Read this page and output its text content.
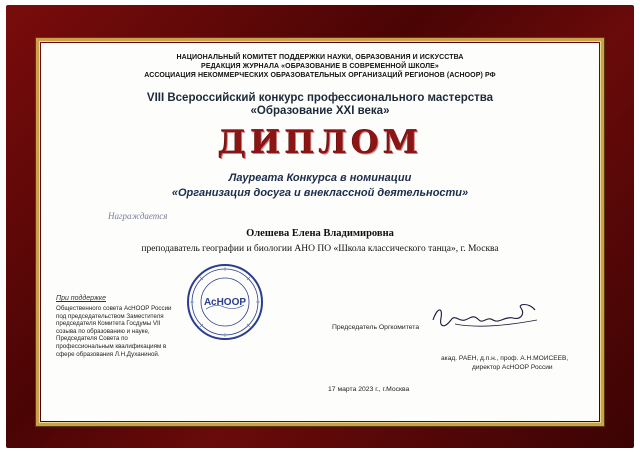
НАЦИОНАЛЬНЫЙ КОМИТЕТ ПОДДЕРЖКИ НАУКИ, ОБРАЗОВАНИЯ И ИСКУССТВА

РЕДАКЦИЯ ЖУРНАЛА «ОБРАЗОВАНИЕ В СОВРЕМЕННОЙ ШКОЛЕ»

АССОЦИАЦИЯ НЕКОММЕРЧЕСКИХ ОБРАЗОВАТЕЛЬНЫХ ОРГАНИЗАЦИЙ РЕГИОНОВ (АСНООР) РФ

VIII Всероссийский конкурс профессионального мастерства

«Образование XXI века»

ДИПЛОМ

Лауреата Конкурса в номинации

«Организация досуга и внеклассной деятельности»

Награждается

Олешева Елена Владимировна

преподаватель географии и биологии АНО ПО «Школа классического танца», г. Москва

При поддержке
Общественного совета АсНООР России
под председательством Заместителя
председателя Комитета Госдумы VII
созыва по образованию и науке,
Председателя Совета по
профессиональным квалификациям в
сфере образования Л.Н.Духаниной.

Председатель Оргкомитета

акад. РАЕН, д.п.н., проф. А.Н.МОИСЕЕВ,

директор АсНООР России

17 марта 2023 г., г.Москва

АсНООР
